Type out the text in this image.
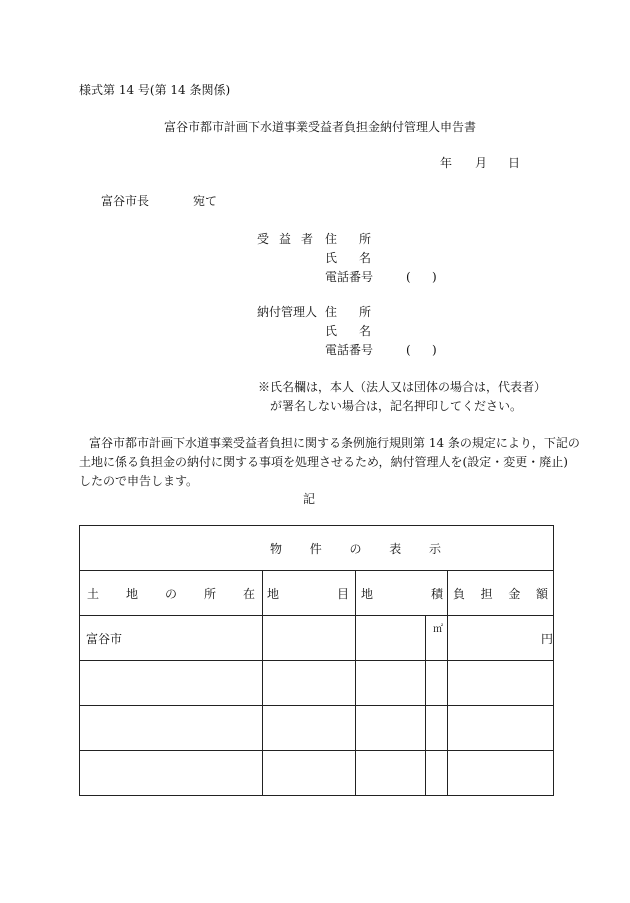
様式第 14 号(第 14 条関係)
富谷市都市計画下水道事業受益者負担金納付管理人申告書
年 月 日
富谷市長	宛て
受 益 者 住 所
氏 名
電話番号	( )
納付管理人 住 所
氏 名
電話番号	( )
※氏名欄は，本人（法人又は団体の場合は，代表者）
が署名しない場合は，記名押印してください。
富谷市都市計画下水道事業受益者負担に関する条例施行規則第 14 条の規定により，下記の
土地に係る負担金の納付に関する事項を処理させるため，納付管理人を(設定・変更・廃止)
したので申告します。
記
物 件 の 表 示				

土 地 の 所 在	地 目	地 積		負 担 金 額

富谷市			㎡	円
